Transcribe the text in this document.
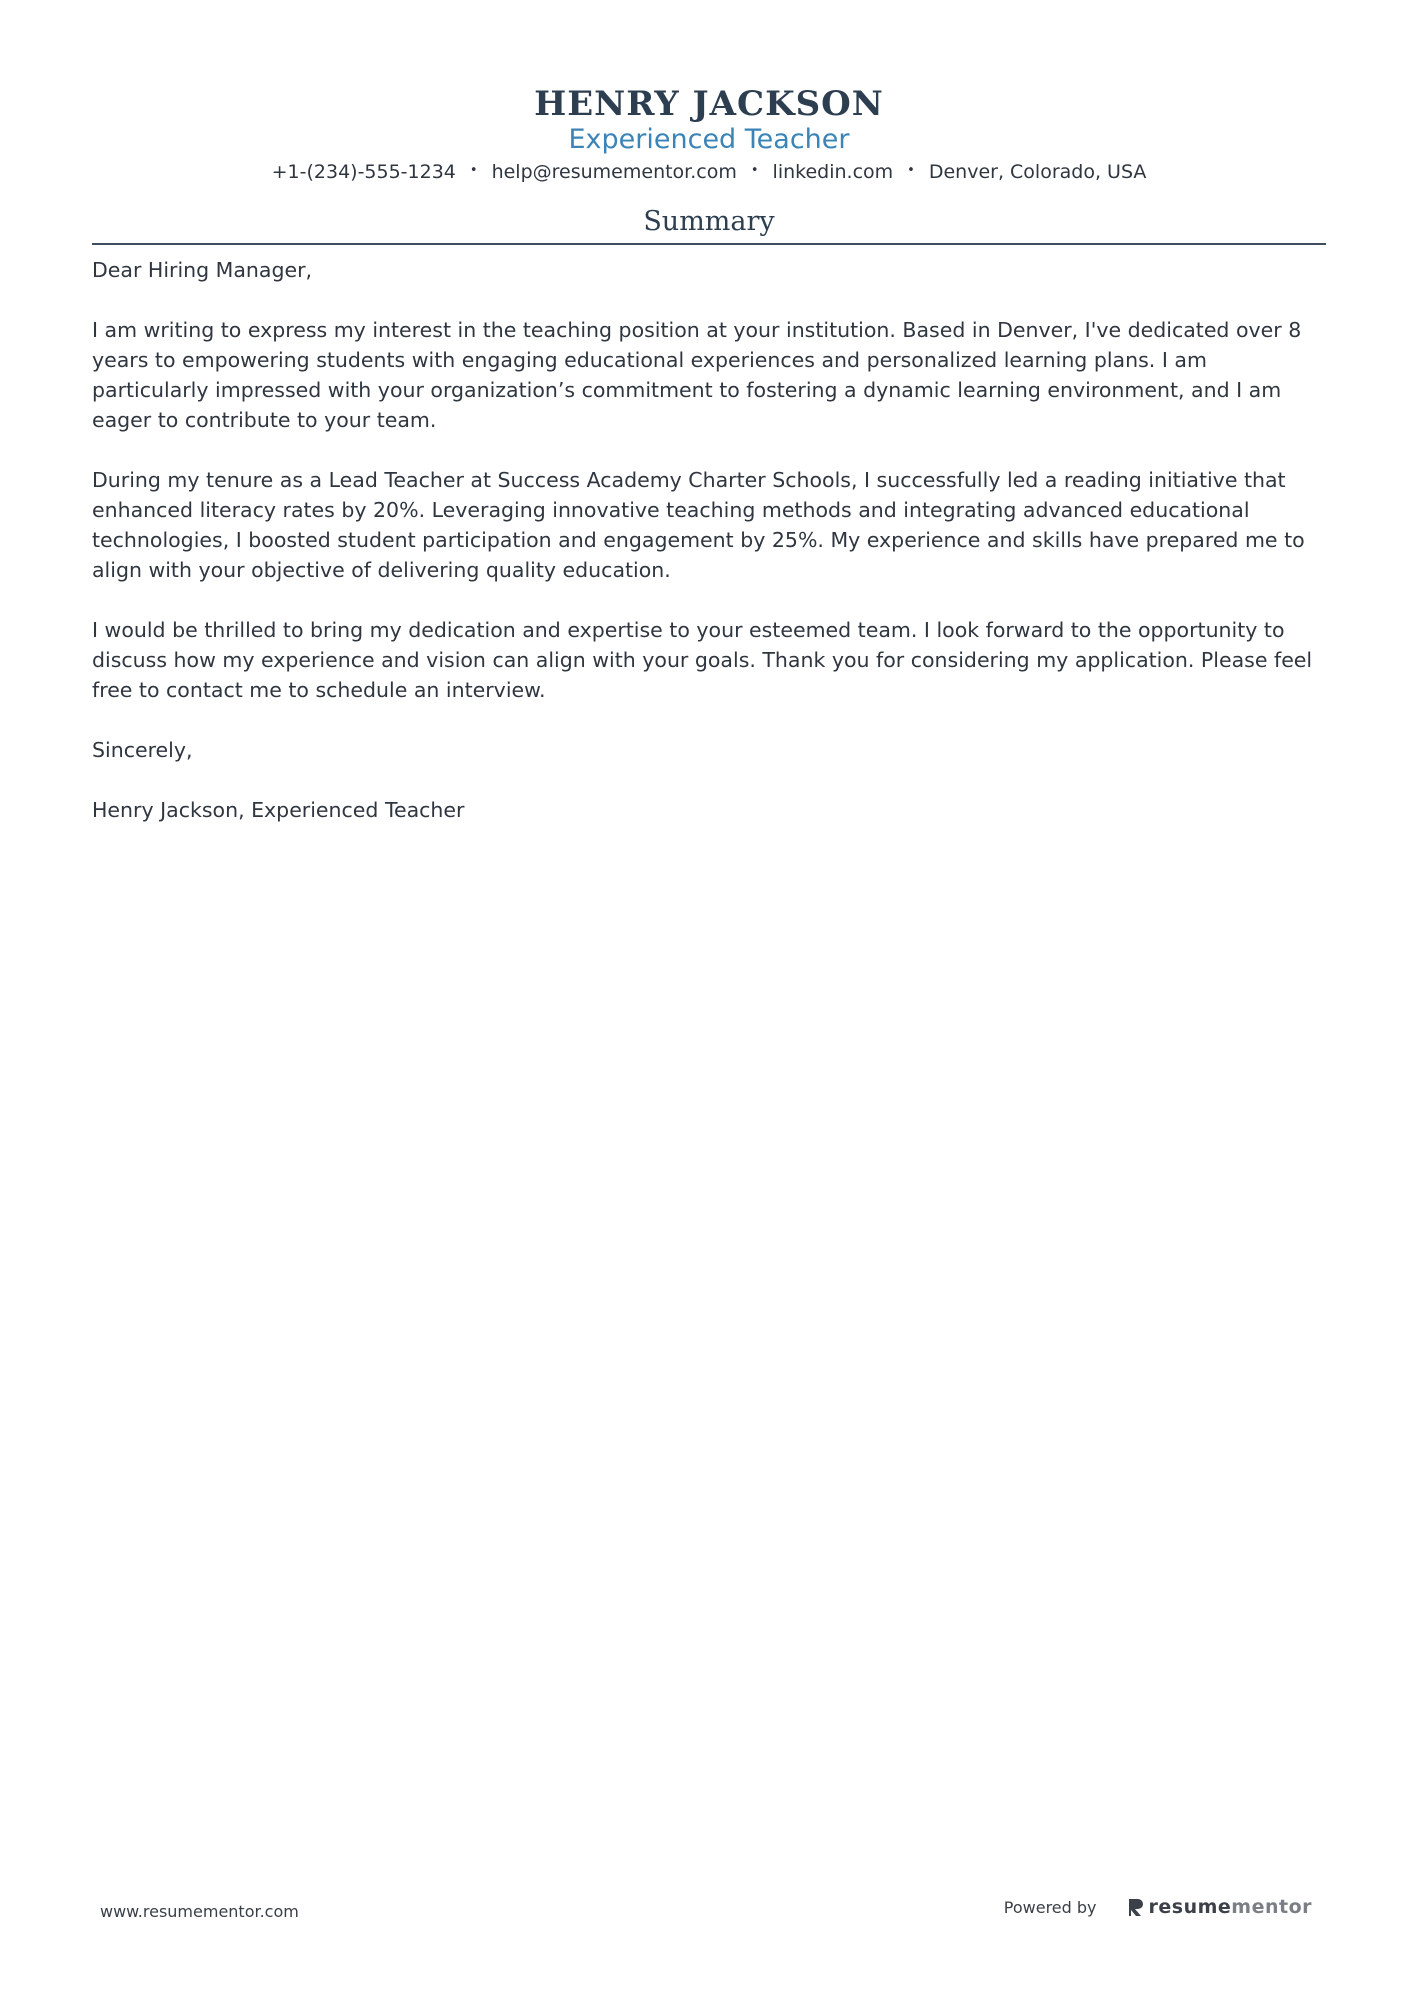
HENRY JACKSON
Experienced Teacher
+1-(234)-555-1234 • help@resumementor.com • linkedin.com • Denver, Colorado, USA
Summary

Dear Hiring Manager,

I am writing to express my interest in the teaching position at your institution. Based in Denver, I've dedicated over 8 years to empowering students with engaging educational experiences and personalized learning plans. I am particularly impressed with your organization’s commitment to fostering a dynamic learning environment, and I am eager to contribute to your team.

During my tenure as a Lead Teacher at Success Academy Charter Schools, I successfully led a reading initiative that enhanced literacy rates by 20%. Leveraging innovative teaching methods and integrating advanced educational technologies, I boosted student participation and engagement by 25%. My experience and skills have prepared me to align with your objective of delivering quality education.

I would be thrilled to bring my dedication and expertise to your esteemed team. I look forward to the opportunity to discuss how my experience and vision can align with your goals. Thank you for considering my application. Please feel free to contact me to schedule an interview.

Sincerely,

Henry Jackson, Experienced Teacher

www.resumementor.com	Powered by	resume mentor
